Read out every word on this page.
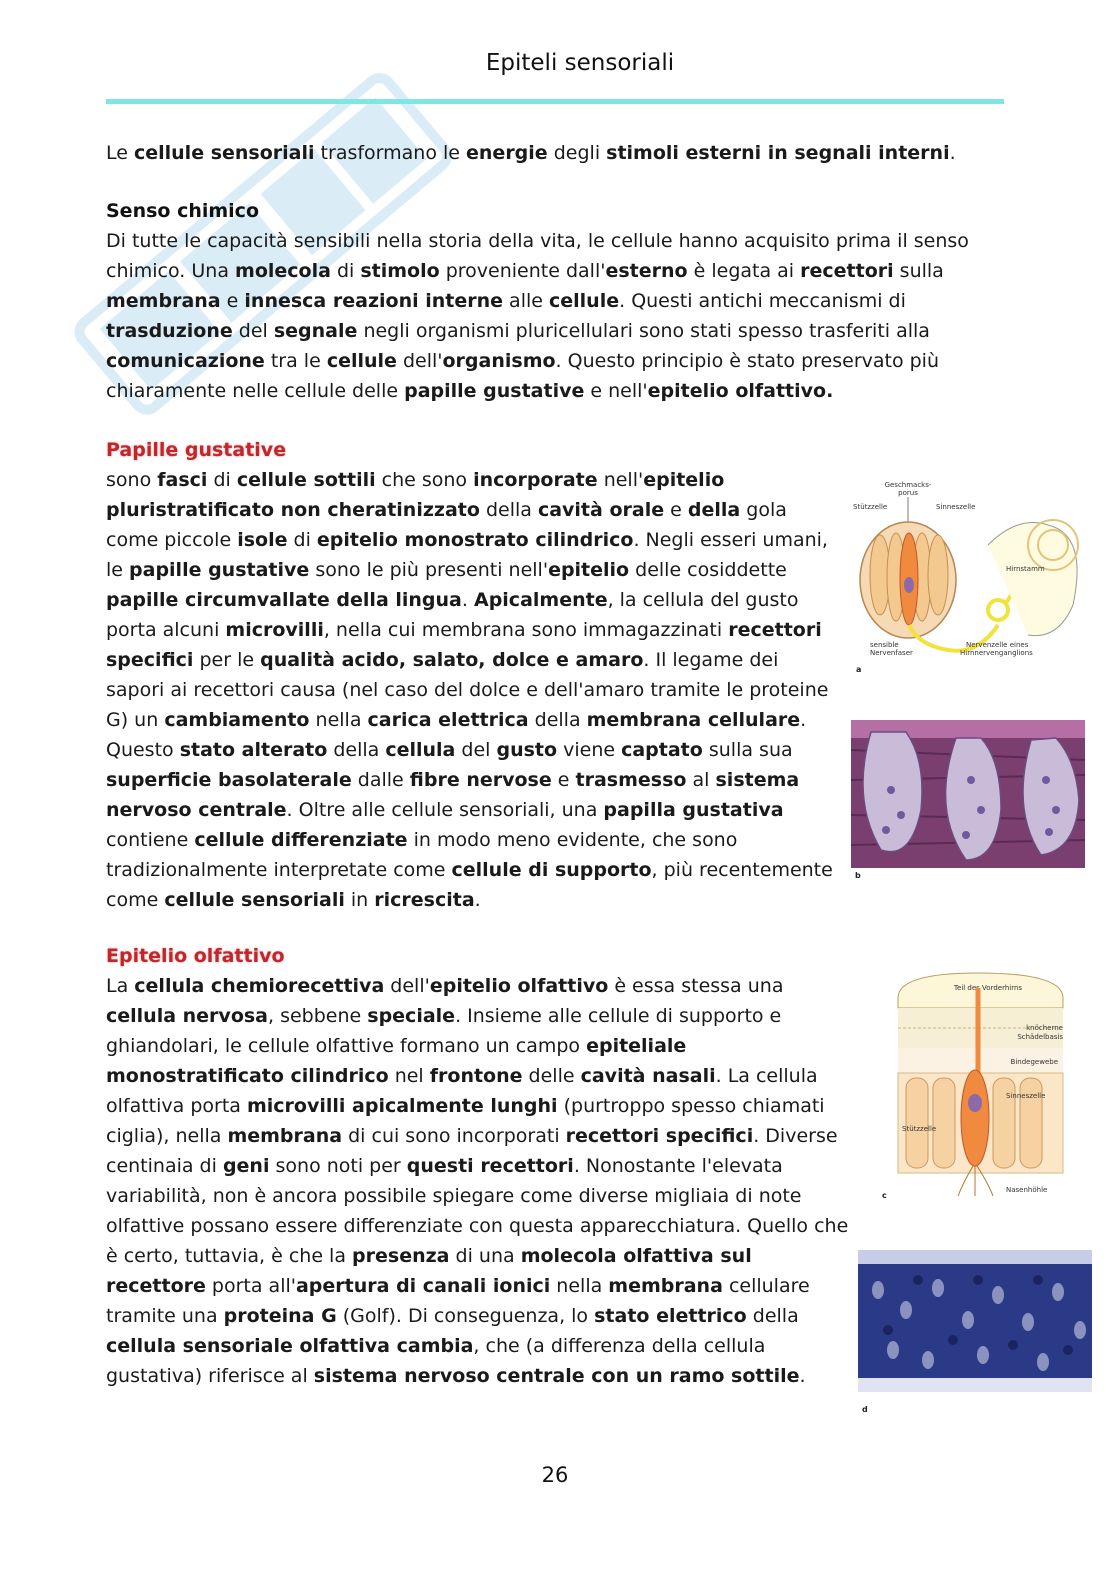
Epiteli sensoriali

Le cellule sensoriali trasformano le energie degli stimoli esterni in segnali interni.

Senso chimico

Di tutte le capacità sensibili nella storia della vita, le cellule hanno acquisito prima il senso chimico. Una molecola di stimolo proveniente dall'esterno è legata ai recettori sulla membrana e innesca reazioni interne alle cellule. Questi antichi meccanismi di trasduzione del segnale negli organismi pluricellulari sono stati spesso trasferiti alla comunicazione tra le cellule dell'organismo. Questo principio è stato preservato più chiaramente nelle cellule delle papille gustative e nell'epitelio olfattivo.

Papille gustative

sono fasci di cellule sottili che sono incorporate nell'epitelio pluristratificato non cheratinizzato della cavità orale e della gola come piccole isole di epitelio monostrato cilindrico. Negli esseri umani, le papille gustative sono le più presenti nell'epitelio delle cosiddette papille circumvallate della lingua. Apicalmente, la cellula del gusto porta alcuni microvilli, nella cui membrana sono immagazzinati recettori specifici per le qualità acido, salato, dolce e amaro. Il legame dei sapori ai recettori causa (nel caso del dolce e dell'amaro tramite le proteine G) un cambiamento nella carica elettrica della membrana cellulare. Questo stato alterato della cellula del gusto viene captato sulla sua superficie basolaterale dalle fibre nervose e trasmesso al sistema nervoso centrale. Oltre alle cellule sensoriali, una papilla gustativa contiene cellule differenziate in modo meno evidente, che sono tradizionalmente interpretate come cellule di supporto, più recentemente come cellule sensoriali in ricrescita.

Geschmacks-
porus
Stützzelle	Sinneszelle
Hirnstamm
sensible
Nervenfaser
Nervenzelle eines
Hirnnervenganglions
a
b
Epitelio olfattivo

La cellula chemiorecettiva dell'epitelio olfattivo è essa stessa una cellula nervosa, sebbene speciale. Insieme alle cellule di supporto e ghiandolari, le cellule olfattive formano un campo epiteliale monostratificato cilindrico nel frontone delle cavità nasali. La cellula olfattiva porta microvilli apicalmente lunghi (purtroppo spesso chiamati ciglia), nella membrana di cui sono incorporati recettori specifici. Diverse centinaia di geni sono noti per questi recettori. Nonostante l'elevata variabilità, non è ancora possibile spiegare come diverse migliaia di note olfattive possano essere differenziate con questa apparecchiatura. Quello che è certo, tuttavia, è che la presenza di una molecola olfattiva sul recettore porta all'apertura di canali ionici nella membrana cellulare tramite una proteina G (Golf). Di conseguenza, lo stato elettrico della cellula sensoriale olfattiva cambia, che (a differenza della cellula gustativa) riferisce al sistema nervoso centrale con un ramo sottile.

Teil des Vorderhirns
knöcherne
Schädelbasis
Bindegewebe
Sinneszelle
Stützzelle
Nasenhöhle
c
d
26
